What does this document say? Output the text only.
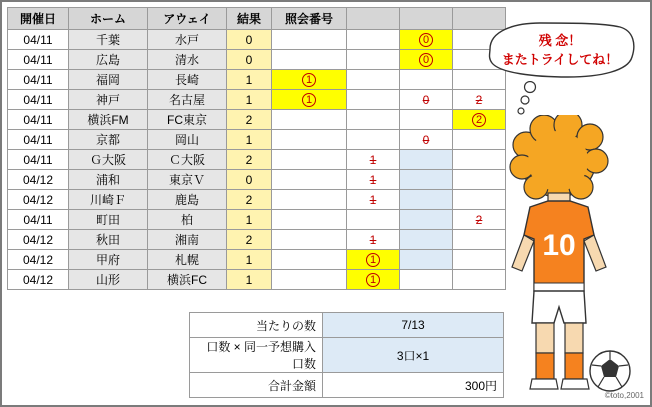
開催日	ホーム	アウェイ	結果	照会番号			
04/11	千葉	水戸	0			0	
04/11	広島	清水	0			0	
04/11	福岡	長崎	1	1			
04/11	神戸	名古屋	1	1		0	2
04/11	横浜FM	FC東京	2				2
04/11	京都	岡山	1			0	
04/11	Ｇ大阪	Ｃ大阪	2		1		
04/12	浦和	東京Ｖ	0		1		
04/12	川崎Ｆ	鹿島	2		1		
04/11	町田	柏	1				2
04/12	秋田	湘南	2		1		
04/12	甲府	札幌	1		1		
04/12	山形	横浜FC	1		1		
	当たりの数	7/13
	口数 × 同一予想購入口数	3口×1
	合計金額	300円
残 念！
またトライしてね！
10
©toto,2001
